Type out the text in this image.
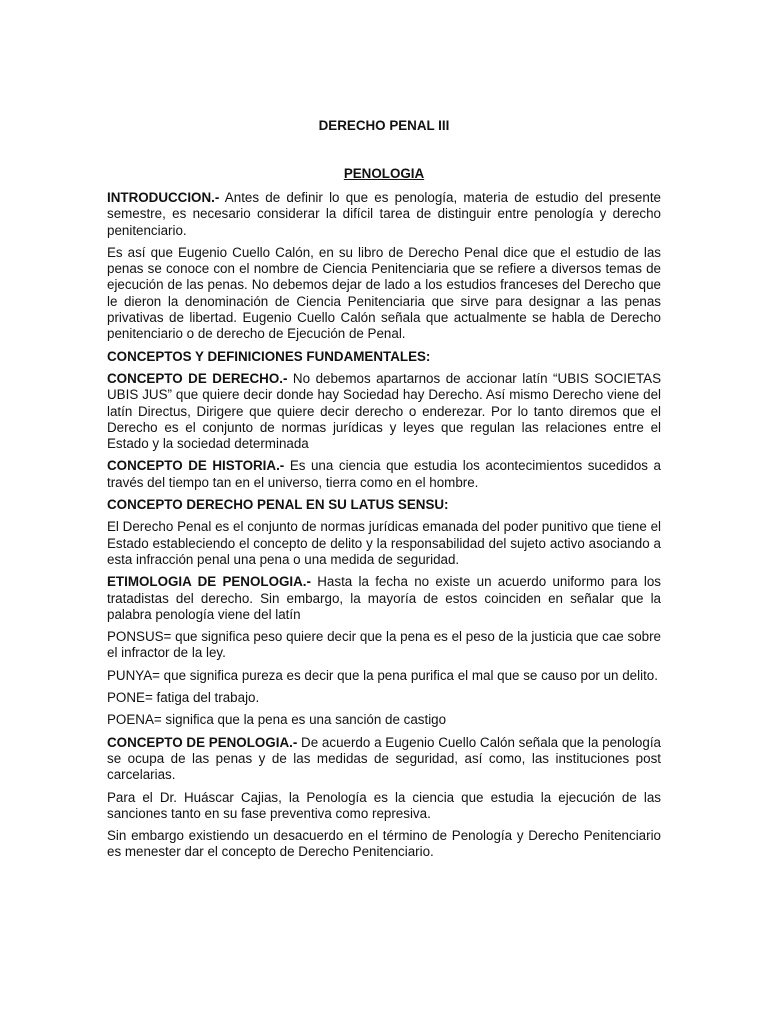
DERECHO PENAL III
PENOLOGIA

INTRODUCCION.- Antes de definir lo que es penología, materia de estudio del presente semestre, es necesario considerar la difícil tarea de distinguir entre penología y derecho penitenciario.

Es así que Eugenio Cuello Calón, en su libro de Derecho Penal dice que el estudio de las penas se conoce con el nombre de Ciencia Penitenciaria que se refiere a diversos temas de ejecución de las penas. No debemos dejar de lado a los estudios franceses del Derecho que le dieron la denominación de Ciencia Penitenciaria que sirve para designar a las penas privativas de libertad. Eugenio Cuello Calón señala que actualmente se habla de Derecho penitenciario o de derecho de Ejecución de Penal.

CONCEPTOS Y DEFINICIONES FUNDAMENTALES:

CONCEPTO DE DERECHO.- No debemos apartarnos de accionar latín “UBIS SOCIETAS UBIS JUS” que quiere decir donde hay Sociedad hay Derecho. Así mismo Derecho viene del latín Directus, Dirigere que quiere decir derecho o enderezar. Por lo tanto diremos que el Derecho es el conjunto de normas jurídicas y leyes que regulan las relaciones entre el Estado y la sociedad determinada

CONCEPTO DE HISTORIA.- Es una ciencia que estudia los acontecimientos sucedidos a través del tiempo tan en el universo, tierra como en el hombre.

CONCEPTO DERECHO PENAL EN SU LATUS SENSU:

El Derecho Penal es el conjunto de normas jurídicas emanada del poder punitivo que tiene el Estado estableciendo el concepto de delito y la responsabilidad del sujeto activo asociando a esta infracción penal una pena o una medida de seguridad.

ETIMOLOGIA DE PENOLOGIA.- Hasta la fecha no existe un acuerdo uniformo para los tratadistas del derecho. Sin embargo, la mayoría de estos coinciden en señalar que la palabra penología viene del latín

PONSUS= que significa peso quiere decir que la pena es el peso de la justicia que cae sobre el infractor de la ley.

PUNYA= que significa pureza es decir que la pena purifica el mal que se causo por un delito.

PONE= fatiga del trabajo.

POENA= significa que la pena es una sanción de castigo

CONCEPTO DE PENOLOGIA.- De acuerdo a Eugenio Cuello Calón señala que la penología se ocupa de las penas y de las medidas de seguridad, así como, las instituciones post carcelarias.

Para el Dr. Huáscar Cajias, la Penología es la ciencia que estudia la ejecución de las sanciones tanto en su fase preventiva como represiva.

Sin embargo existiendo un desacuerdo en el término de Penología y Derecho Penitenciario es menester dar el concepto de Derecho Penitenciario.
